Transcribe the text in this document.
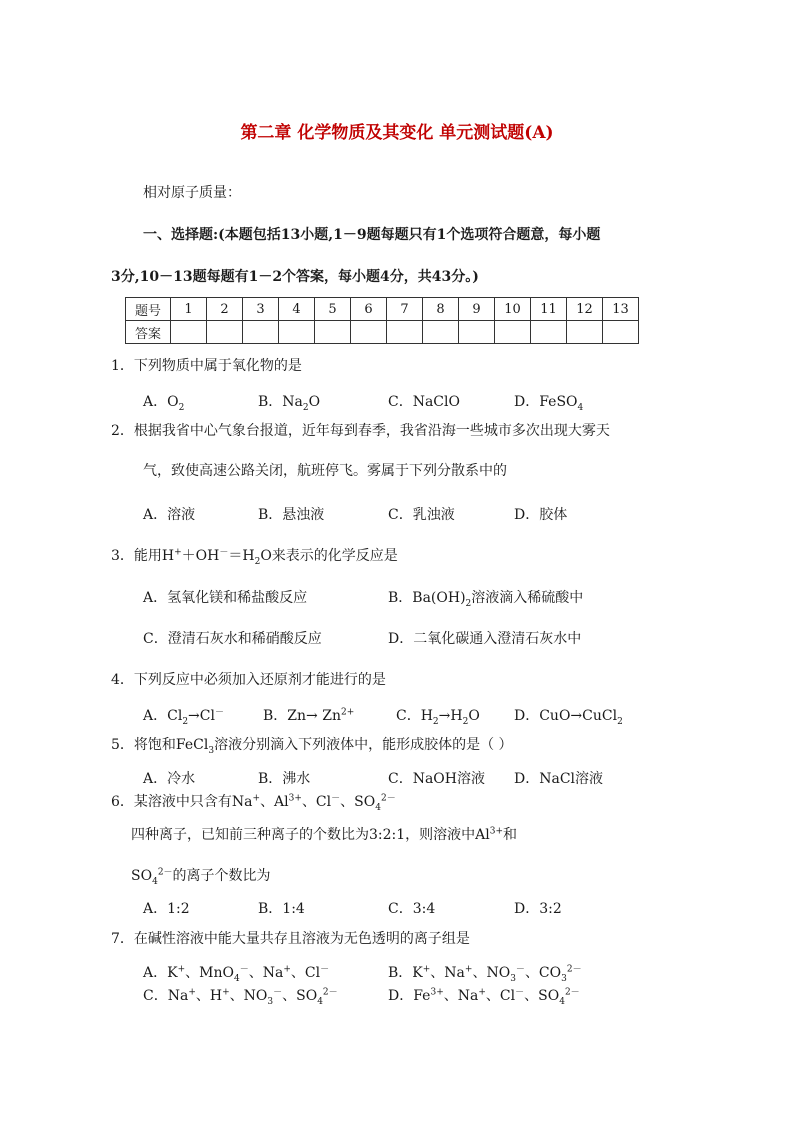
第二章 化学物质及其变化 单元测试题(A)
相对原子质量：
一、选择题:(本题包括13小题,1－9题每题只有1个选项符合题意，每小题
3分,10－13题每题有1－2个答案，每小题4分，共43分。)
题号	1	2	3	4	5	6	7	8	9	10	11	12	13
答案													
1．下列物质中属于氧化物的是
A．$O_2$	B．$Na_2O$	C．NaClO	D．FeSO$_4$
2．根据我省中心气象台报道，近年每到春季，我省沿海一些城市多次出现大雾天
气，致使高速公路关闭，航班停飞。雾属于下列分散系中的
A．溶液	B．悬浊液	C．乳浊液	D．胶体
3．能用$H^++OH^-=H_2O$来表示的化学反应是
A．氢氧化镁和稀盐酸反应	B．$Ba(OH)_2$溶液滴入稀硫酸中
C．澄清石灰水和稀硝酸反应	D．二氧化碳通入澄清石灰水中
4．下列反应中必须加入还原剂才能进行的是
A．$Cl_2\to Cl^-$	B．$Zn\to Zn^{2+}$	C．$H_2\to H_2O$ D．CuO→CuCl$_2$
5．将饱和FeCl$_3$溶液分别滴入下列液体中，能形成胶体的是（ ）
A．冷水	B．沸水	C．NaOH溶液 D．NaCl溶液
6．某溶液中只含有Na+、$Al^{3+}$、Cl－、$SO_4^{2-}$
四种离子，已知前三种离子的个数比为3:2:1，则溶液中$Al^{3+}$和
$SO_4^{2-}$的离子个数比为
A．1:2	B．1:4	C．3:4	D．3:2
7．在碱性溶液中能大量共存且溶液为无色透明的离子组是
A．K+、MnO$_4$－、Na+、Cl－	B．K+、Na+、$NO_3^-$、$CO_3^{2-}$
C．Na+、H+、$NO_3^-$、$SO_4^{2-}$	D．$Fe^{3+}$、Na+、Cl－、$SO_4^{2-}$
